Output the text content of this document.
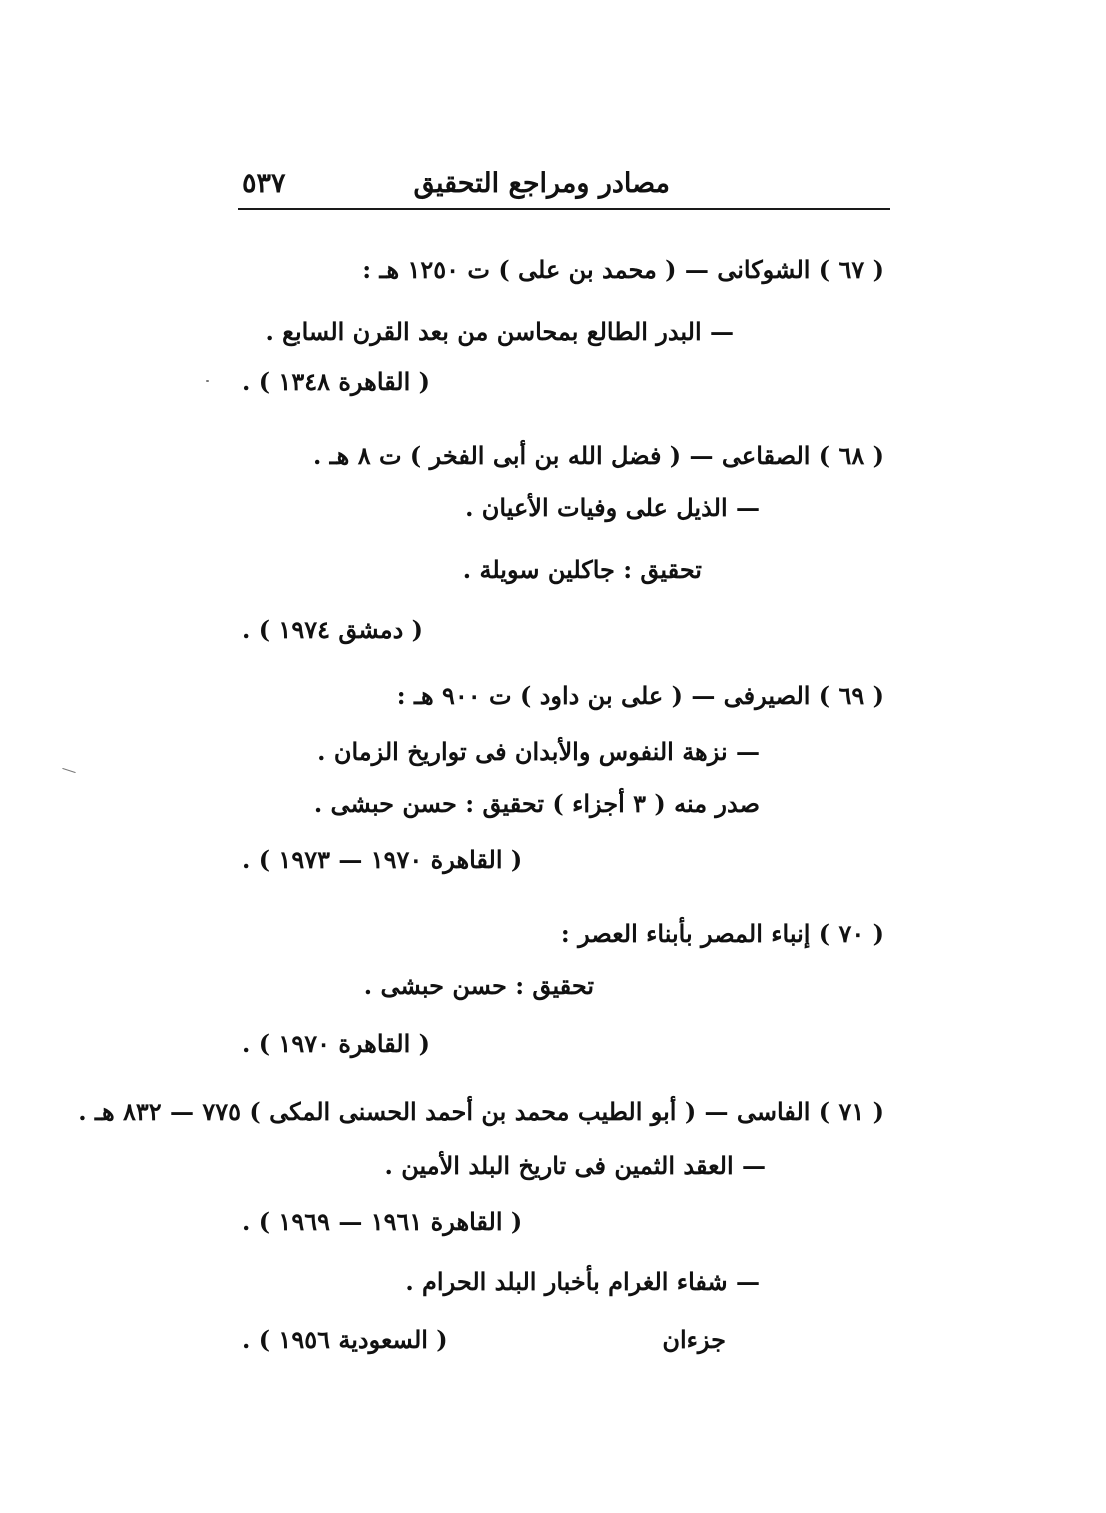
مصادر ومراجع التحقيق
٥٣٧
( ٦٧ ) الشوكانى — ( محمد بن على ) ت ١٢٥٠ هـ :
— البدر الطالع بمحاسن من بعد القرن السابع .
( القاهرة ١٣٤٨ ) .
( ٦٨ ) الصقاعى — ( فضل الله بن أبى الفخر ) ت ٨ هـ .
— الذيل على وفيات الأعيان .
تحقيق : جاكلين سويلة .
( دمشق ١٩٧٤ ) .
( ٦٩ ) الصيرفى — ( على بن داود ) ت ٩٠٠ هـ :
— نزهة النفوس والأبدان فى تواريخ الزمان .
صدر منه ( ٣ أجزاء ) تحقيق : حسن حبشى .
( القاهرة ١٩٧٠ — ١٩٧٣ ) .
( ٧٠ ) إنباء المصر بأبناء العصر :
تحقيق : حسن حبشى .
( القاهرة ١٩٧٠ ) .
( ٧١ ) الفاسى — ( أبو الطيب محمد بن أحمد الحسنى المكى ) ٧٧٥ — ٨٣٢ هـ .
— العقد الثمين فى تاريخ البلد الأمين .
( القاهرة ١٩٦١ — ١٩٦٩ ) .
— شفاء الغرام بأخبار البلد الحرام .
جزءان
( السعودية ١٩٥٦ ) .
